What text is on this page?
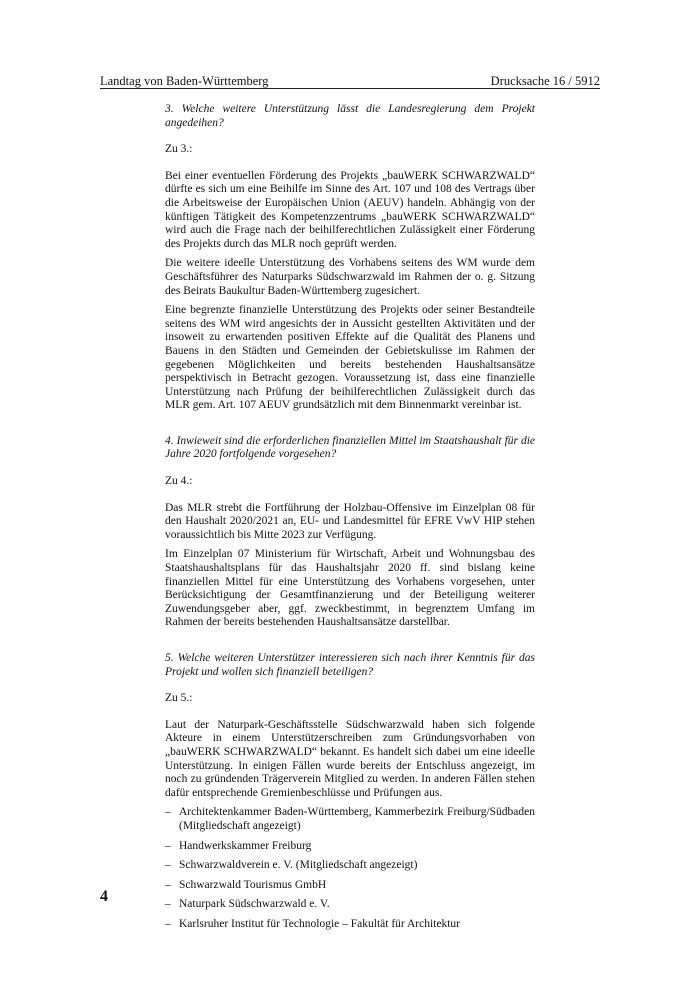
Landtag von Baden-Württemberg	Drucksache 16 / 5912

3. Welche weitere Unterstützung lässt die Landesregierung dem Projekt angedeihen?

Zu 3.:

Bei einer eventuellen Förderung des Projekts „bauWERK SCHWARZWALD“ dürfte es sich um eine Beihilfe im Sinne des Art. 107 und 108 des Vertrags über die Arbeitsweise der Europäischen Union (AEUV) handeln. Abhängig von der künftigen Tätigkeit des Kompetenzzentrums „bauWERK SCHWARZWALD“ wird auch die Frage nach der beihilferechtlichen Zulässigkeit einer Förderung des Projekts durch das MLR noch geprüft werden.

Die weitere ideelle Unterstützung des Vorhabens seitens des WM wurde dem Geschäftsführer des Naturparks Südschwarzwald im Rahmen der o. g. Sitzung des Beirats Baukultur Baden-Württemberg zugesichert.

Eine begrenzte finanzielle Unterstützung des Projekts oder seiner Bestandteile seitens des WM wird angesichts der in Aussicht gestellten Aktivitäten und der insoweit zu erwartenden positiven Effekte auf die Qualität des Planens und Bauens in den Städten und Gemeinden der Gebietskulisse im Rahmen der gegebenen Möglichkeiten und bereits bestehenden Haushaltsansätze perspektivisch in Betracht gezogen. Voraussetzung ist, dass eine finanzielle Unterstützung nach Prüfung der beihilferechtlichen Zulässigkeit durch das MLR gem. Art. 107 AEUV grundsätzlich mit dem Binnenmarkt vereinbar ist.

4. Inwieweit sind die erforderlichen finanziellen Mittel im Staatshaushalt für die Jahre 2020 fortfolgende vorgesehen?

Zu 4.:

Das MLR strebt die Fortführung der Holzbau-Offensive im Einzelplan 08 für den Haushalt 2020/2021 an, EU- und Landesmittel für EFRE VwV HIP stehen voraussichtlich bis Mitte 2023 zur Verfügung.

Im Einzelplan 07 Ministerium für Wirtschaft, Arbeit und Wohnungsbau des Staatshaushaltsplans für das Haushaltsjahr 2020 ff. sind bislang keine finanziellen Mittel für eine Unterstützung des Vorhabens vorgesehen, unter Berücksichtigung der Gesamtfinanzierung und der Beteiligung weiterer Zuwendungsgeber aber, ggf. zweckbestimmt, in begrenztem Umfang im Rahmen der bereits bestehenden Haushaltsansätze darstellbar.

5. Welche weiteren Unterstützer interessieren sich nach ihrer Kenntnis für das Projekt und wollen sich finanziell beteiligen?

Zu 5.:

Laut der Naturpark-Geschäftsstelle Südschwarzwald haben sich folgende Akteure in einem Unterstützerschreiben zum Gründungsvorhaben von „bauWERK SCHWARZWALD“ bekannt. Es handelt sich dabei um eine ideelle Unterstützung. In einigen Fällen wurde bereits der Entschluss angezeigt, im noch zu gründenden Trägerverein Mitglied zu werden. In anderen Fällen stehen dafür entsprechende Gremienbeschlüsse und Prüfungen aus.

– Architektenkammer Baden-Württemberg, Kammerbezirk Freiburg/Südbaden (Mitgliedschaft angezeigt)
– Handwerkskammer Freiburg
– Schwarzwaldverein e. V. (Mitgliedschaft angezeigt)
– Schwarzwald Tourismus GmbH
– Naturpark Südschwarzwald e. V.
– Karlsruher Institut für Technologie – Fakultät für Architektur
4
